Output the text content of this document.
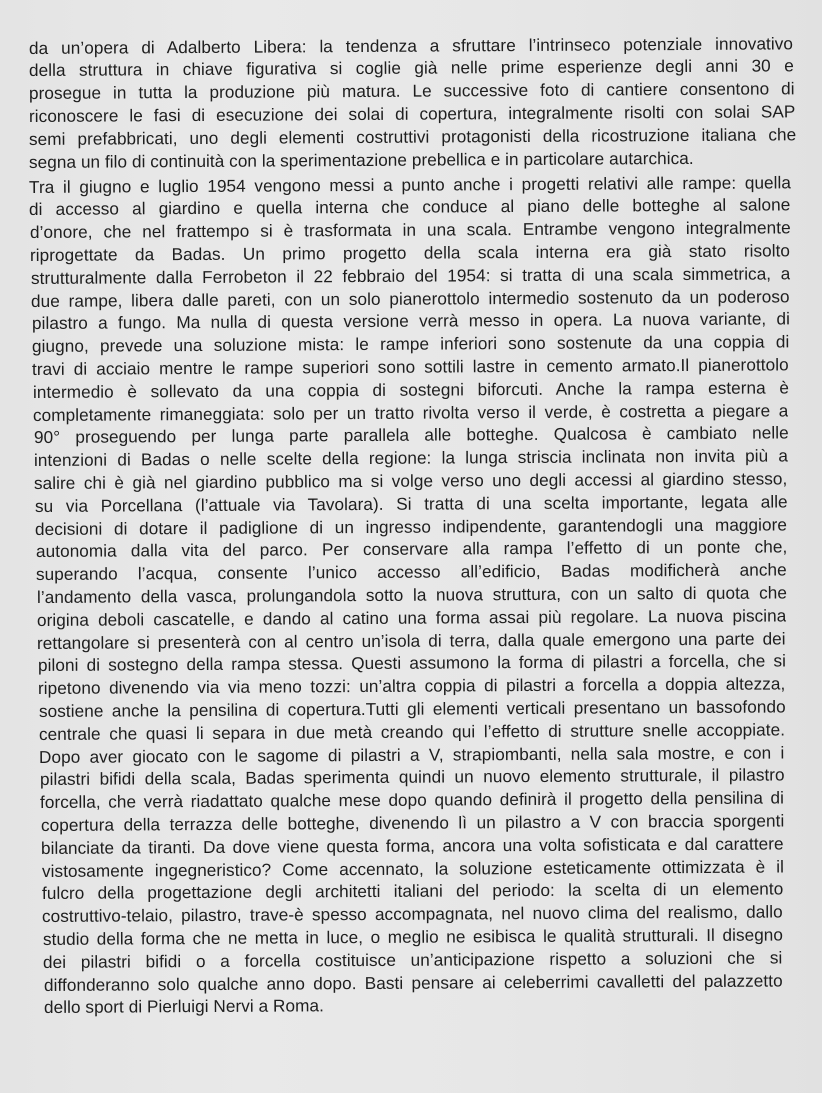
da un’opera di Adalberto Libera: la tendenza a sfruttare l’intrinseco potenziale innovativo

della struttura in chiave figurativa si coglie già nelle prime esperienze degli anni 30 e

prosegue in tutta la produzione più matura. Le successive foto di cantiere consentono di

riconoscere le fasi di esecuzione dei solai di copertura, integralmente risolti con solai SAP

semi prefabbricati, uno degli elementi costruttivi protagonisti della ricostruzione italiana che

segna un filo di continuità con la sperimentazione prebellica e in particolare autarchica.

Tra il giugno e luglio 1954 vengono messi a punto anche i progetti relativi alle rampe: quella

di accesso al giardino e quella interna che conduce al piano delle botteghe al salone

d’onore, che nel frattempo si è trasformata in una scala. Entrambe vengono integralmente

riprogettate da Badas. Un primo progetto della scala interna era già stato risolto

strutturalmente dalla Ferrobeton il 22 febbraio del 1954: si tratta di una scala simmetrica, a

due rampe, libera dalle pareti, con un solo pianerottolo intermedio sostenuto da un poderoso

pilastro a fungo. Ma nulla di questa versione verrà messo in opera. La nuova variante, di

giugno, prevede una soluzione mista: le rampe inferiori sono sostenute da una coppia di

travi di acciaio mentre le rampe superiori sono sottili lastre in cemento armato.Il pianerottolo

intermedio è sollevato da una coppia di sostegni biforcuti. Anche la rampa esterna è

completamente rimaneggiata: solo per un tratto rivolta verso il verde, è costretta a piegare a

90° proseguendo per lunga parte parallela alle botteghe. Qualcosa è cambiato nelle

intenzioni di Badas o nelle scelte della regione: la lunga striscia inclinata non invita più a

salire chi è già nel giardino pubblico ma si volge verso uno degli accessi al giardino stesso,

su via Porcellana (l’attuale via Tavolara). Si tratta di una scelta importante, legata alle

decisioni di dotare il padiglione di un ingresso indipendente, garantendogli una maggiore

autonomia dalla vita del parco. Per conservare alla rampa l’effetto di un ponte che,

superando l’acqua, consente l’unico accesso all’edificio, Badas modificherà anche

l’andamento della vasca, prolungandola sotto la nuova struttura, con un salto di quota che

origina deboli cascatelle, e dando al catino una forma assai più regolare. La nuova piscina

rettangolare si presenterà con al centro un’isola di terra, dalla quale emergono una parte dei

piloni di sostegno della rampa stessa. Questi assumono la forma di pilastri a forcella, che si

ripetono divenendo via via meno tozzi: un’altra coppia di pilastri a forcella a doppia altezza,

sostiene anche la pensilina di copertura.Tutti gli elementi verticali presentano un bassofondo

centrale che quasi li separa in due metà creando qui l’effetto di strutture snelle accoppiate.

Dopo aver giocato con le sagome di pilastri a V, strapiombanti, nella sala mostre, e con i

pilastri bifidi della scala, Badas sperimenta quindi un nuovo elemento strutturale, il pilastro

forcella, che verrà riadattato qualche mese dopo quando definirà il progetto della pensilina di

copertura della terrazza delle botteghe, divenendo lì un pilastro a V con braccia sporgenti

bilanciate da tiranti. Da dove viene questa forma, ancora una volta sofisticata e dal carattere

vistosamente ingegneristico? Come accennato, la soluzione esteticamente ottimizzata è il

fulcro della progettazione degli architetti italiani del periodo: la scelta di un elemento

costruttivo-telaio, pilastro, trave-è spesso accompagnata, nel nuovo clima del realismo, dallo

studio della forma che ne metta in luce, o meglio ne esibisca le qualità strutturali. Il disegno

dei pilastri bifidi o a forcella costituisce un’anticipazione rispetto a soluzioni che si

diffonderanno solo qualche anno dopo. Basti pensare ai celeberrimi cavalletti del palazzetto

dello sport di Pierluigi Nervi a Roma.
